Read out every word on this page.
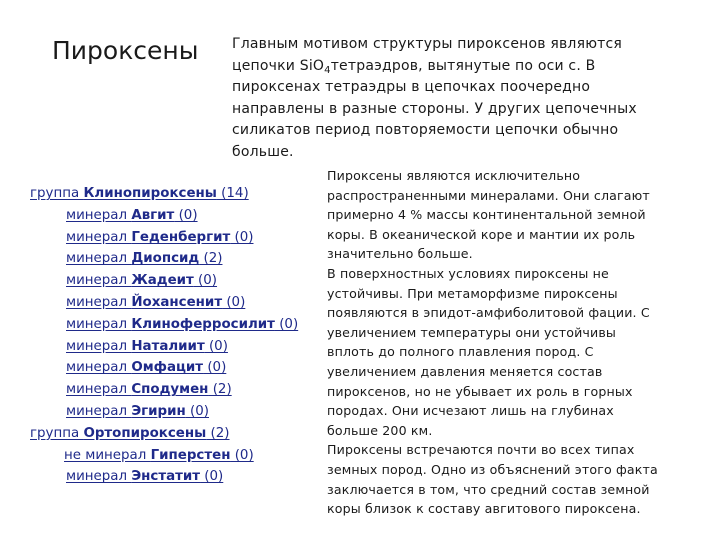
Пироксены Главным мотивом структуры пироксенов являются цепочки SiO$_4$тетраэдров, вытянутые по оси с. В пироксенах тетраэдры в цепочках поочередно направлены в разные стороны. У других цепочечных силикатов период повторяемости цепочки обычно больше.
группа Клинопироксены (14)
минерал Авгит (0)
минерал Геденбергит (0)
минерал Диопсид (2)
минерал Жадеит (0)
минерал Йохансенит (0)
минерал Клиноферросилит (0)
минерал Наталиит (0)
минерал Омфацит (0)
минерал Сподумен (2)
минерал Эгирин (0)
группа Ортопироксены (2)
не минерал Гиперстен (0)
минерал Энстатит (0)

Пироксены являются исключительно распространенными минералами. Они слагают примерно 4 % массы континентальной земной коры. В океанической коре и мантии их роль значительно больше.

В поверхностных условиях пироксены не устойчивы. При метаморфизме пироксены появляются в эпидот-амфиболитовой фации. С увеличением температуры они устойчивы вплоть до полного плавления пород. С увеличением давления меняется состав пироксенов, но не убывает их роль в горных породах. Они исчезают лишь на глубинах больше 200 км.

Пироксены встречаются почти во всех типах земных пород. Одно из объяснений этого факта заключается в том, что средний состав земной коры близок к составу авгитового пироксена.
